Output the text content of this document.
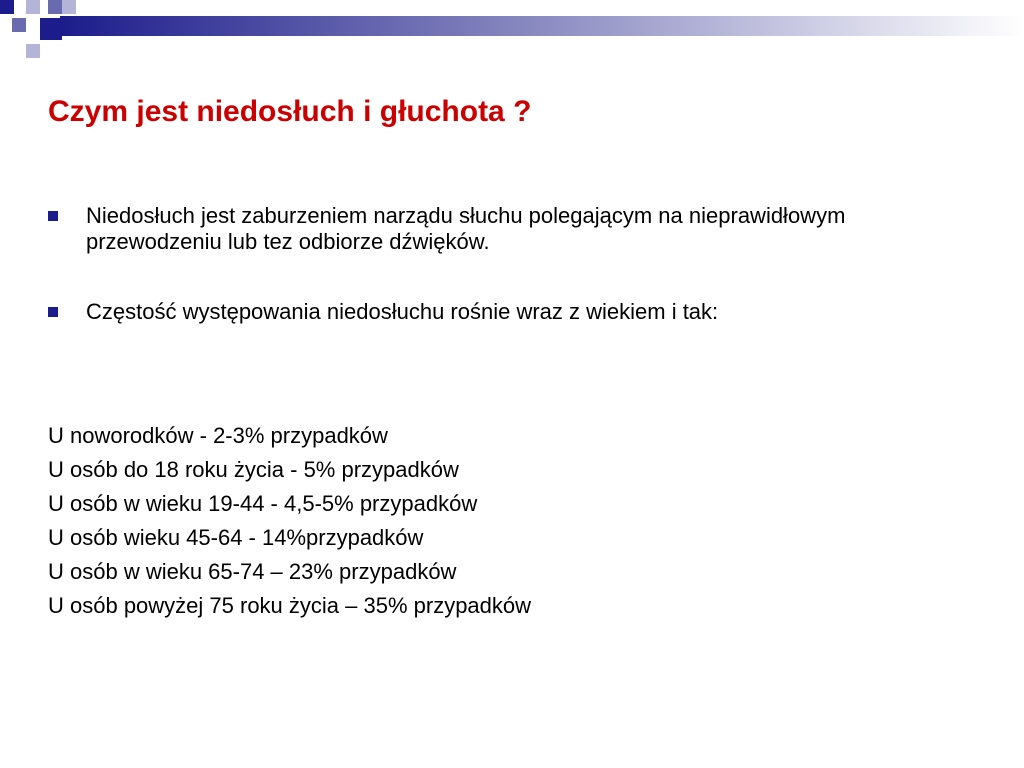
Czym jest niedosłuch i głuchota ?
Niedosłuch jest zaburzeniem narządu słuchu polegającym na nieprawidłowym przewodzeniu lub tez odbiorze dźwięków.
Częstość występowania niedosłuchu rośnie wraz z wiekiem i tak:
U noworodków - 2-3% przypadków
U osób do 18 roku życia - 5% przypadków
U osób w wieku 19-44 - 4,5-5% przypadków
U osób wieku 45-64 - 14%przypadków
U osób w wieku 65-74 – 23% przypadków
U osób powyżej 75 roku życia – 35% przypadków
